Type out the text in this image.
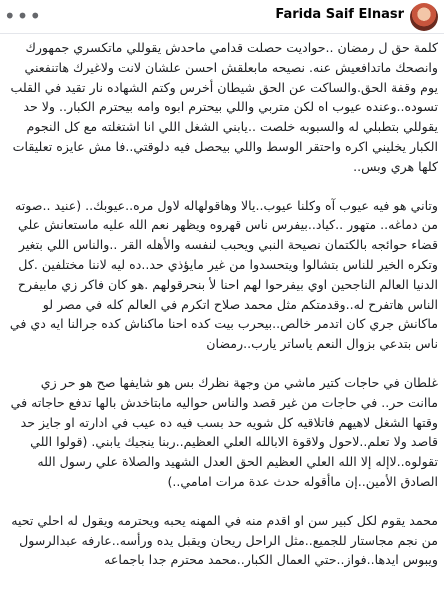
•••	Farida Saif Elnasr

كلمة حق ل رمضان ..حواديت حصلت قدامي ماحدش يقوللي ماتكسري جمهورك وانصحك ماتدافعيش عنه. نصيحه مابعلقش احسن علشان لانت ولاغيرك هاتنفعني يوم وقفة الحق.والساكت عن الحق شيطان أخرس وكتم الشهاده نار تقيد في القلب تسوده..وعنده عيوب اه لكن متربي واللي بيحترم ابوه وامه بيحترم الكبار.. ولا حد يقوللي بتطبلي له والسبوبه خلصت ..يابني الشغل اللي انا اشتغلته مع كل النجوم الكبار يخليني اكره واحتقر الوسط واللي بيحصل فيه دلوقتي..فا مش عايزه تعليقات كلها هري وبس..

وتاني هو فيه عيوب آه وكلنا عيوب..يالا وهاقولهاله لاول مره..عيوبك.. (عنيد ..صوته من دماغه.. متهور ..كياد..بيفرس ناس قهروه ويظهر نعم الله عليه ماستعانش علي قضاء حوائجه بالكتمان نصيحة النبي ويحبب لنفسه والأهله القر ..والناس اللي بتغير وتكره الخير للناس بتشالوا ويتحسدوا من غير مايؤذي حد..ده ليه لاننا مختلفين .كل الدنيا العالم الناجحين اوي بيفرحوا لهم احنا لأ بنحرقولهم .هو كان فاكر زي مابيفرح الناس هاتفرح له..وقدمتكم مثل محمد صلاح اتكرم في العالم كله في مصر لو ماكانش جري كان اتدمر خالص..بيحرب بيت كده احنا ماكناش كده جرالنا ايه دي في ناس بتدعي بزوال النعم ياساتر يارب..رمضان

غلطان في حاجات كتير ماشي من وجهة نظرك بس هو شايفها صح هو حر زي ماانت حر.. في حاجات من غير قصد والناس حواليه مابتاخدش بالها تدفع حاجاته في وقتها الشغل لاهيهم فاتلاقيه كل شويه حد بسب فيه ده عيب في ادارته او جايز حد قاصد ولا تعلم..لاحول ولاقوة الابالله العلي العظيم..ربنا ينجيك يابني. (قولوا اللي تقولوه..لاإله إلا الله العلي العظيم الحق العدل الشهيد والصلاة علي رسول الله الصادق الأمين..إن ماأقوله حدث عدة مرات امامي..)

محمد يقوم لكل كبير سن او اقدم منه في المهنه يحبه ويحترمه ويقول له احلي تحيه من نجم مجاستار للجميع..مثل الراحل ريحان ويقبل يده ورأسه..عارفه عبدالرسول ويبوس ايدها..فواز..حتي العمال الكبار..محمد محترم جدا باجماعه
